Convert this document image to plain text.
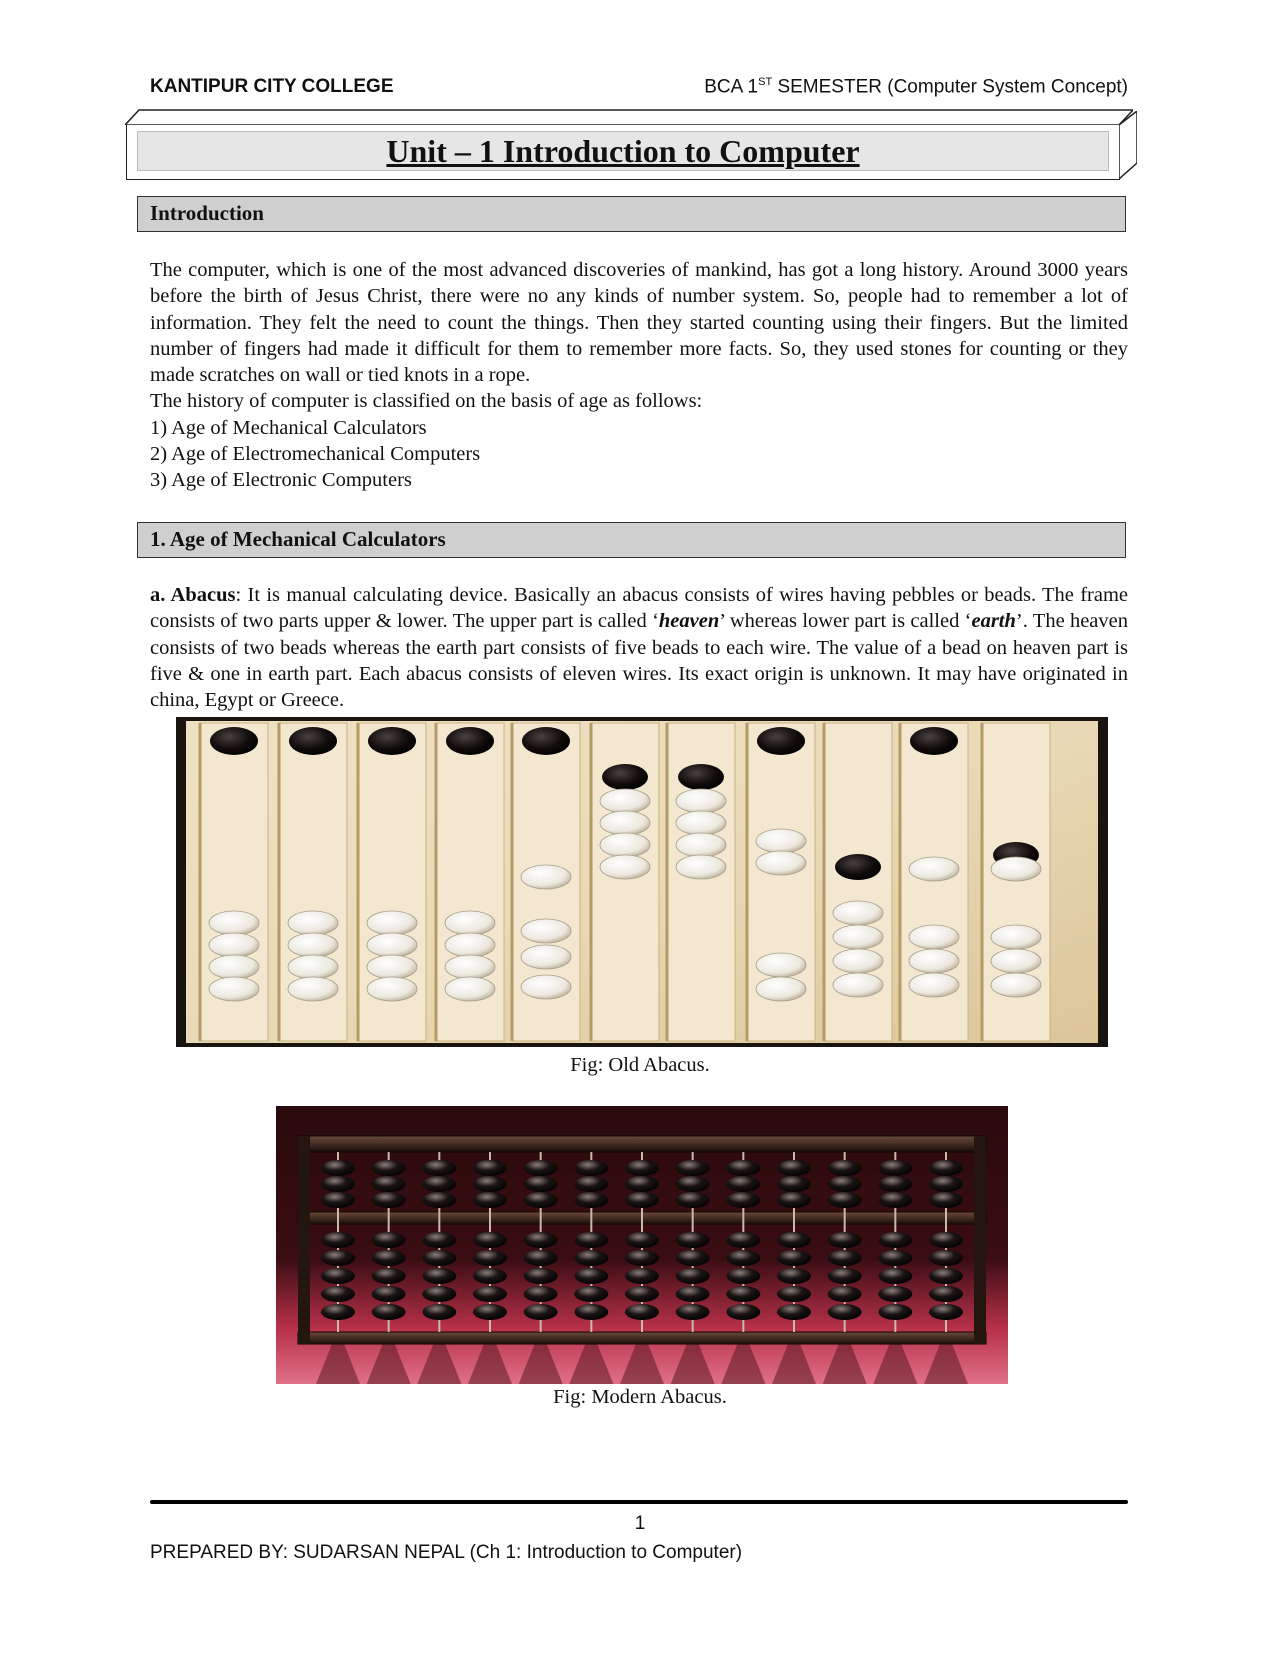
KANTIPUR CITY COLLEGE	BCA 1ST SEMESTER (Computer System Concept)
Unit – 1 Introduction to Computer
Introduction

The computer, which is one of the most advanced discoveries of mankind, has got a long history. Around 3000 years before the birth of Jesus Christ, there were no any kinds of number system. So, people had to remember a lot of information. They felt the need to count the things. Then they started counting using their fingers. But the limited number of fingers had made it difficult for them to remember more facts. So, they used stones for counting or they made scratches on wall or tied knots in a rope.

The history of computer is classified on the basis of age as follows:
1) Age of Mechanical Calculators
2) Age of Electromechanical Computers
3) Age of Electronic Computers
1. Age of Mechanical Calculators

a. Abacus: It is manual calculating device. Basically an abacus consists of wires having pebbles or beads. The frame consists of two parts upper & lower. The upper part is called ‘heaven’ whereas lower part is called ‘earth’. The heaven consists of two beads whereas the earth part consists of five beads to each wire. The value of a bead on heaven part is five & one in earth part. Each abacus consists of eleven wires. Its exact origin is unknown. It may have originated in china, Egypt or Greece.

Fig: Old Abacus.
Fig: Modern Abacus.
1
PREPARED BY: SUDARSAN NEPAL (Ch 1: Introduction to Computer)
